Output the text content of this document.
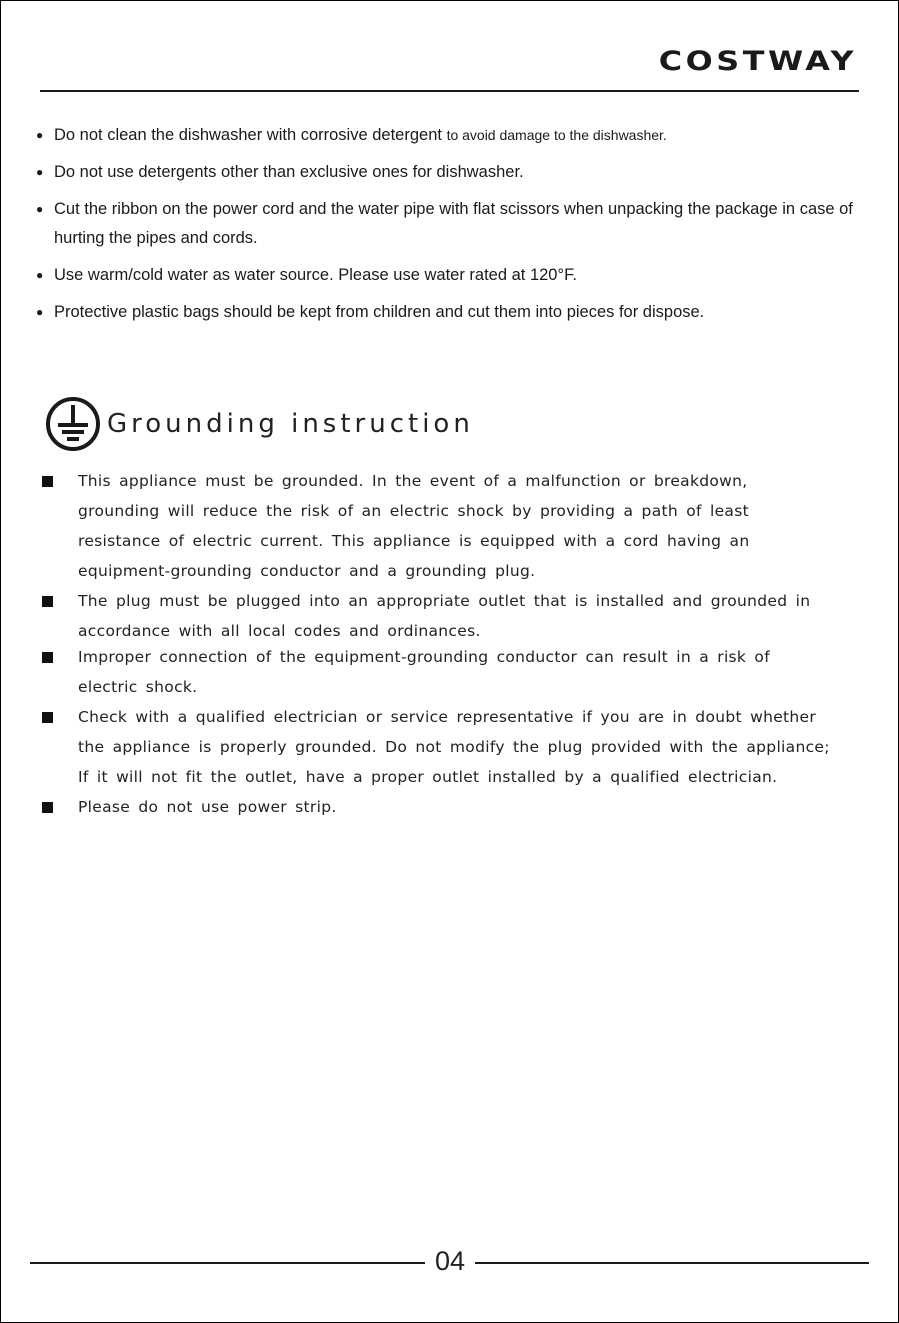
COSTWAY
● Do not clean the dishwasher with corrosive detergent to avoid damage to the dishwasher.
● Do not use detergents other than exclusive ones for dishwasher.
● Cut the ribbon on the power cord and the water pipe with flat scissors when unpacking the package in case of hurting the pipes and cords.
● Use warm/cold water as water source. Please use water rated at 120°F.
● Protective plastic bags should be kept from children and cut them into pieces for dispose.
Grounding instruction
This appliance must be grounded. In the event of a malfunction or breakdown, grounding will reduce the risk of an electric shock by providing a path of least resistance of electric current. This appliance is equipped with a cord having an equipment-grounding conductor and a grounding plug.
The plug must be plugged into an appropriate outlet that is installed and grounded in accordance with all local codes and ordinances.
Improper connection of the equipment-grounding conductor can result in a risk of electric shock.
Check with a qualified electrician or service representative if you are in doubt whether the appliance is properly grounded. Do not modify the plug provided with the appliance; If it will not fit the outlet, have a proper outlet installed by a qualified electrician.
Please do not use power strip.
04
